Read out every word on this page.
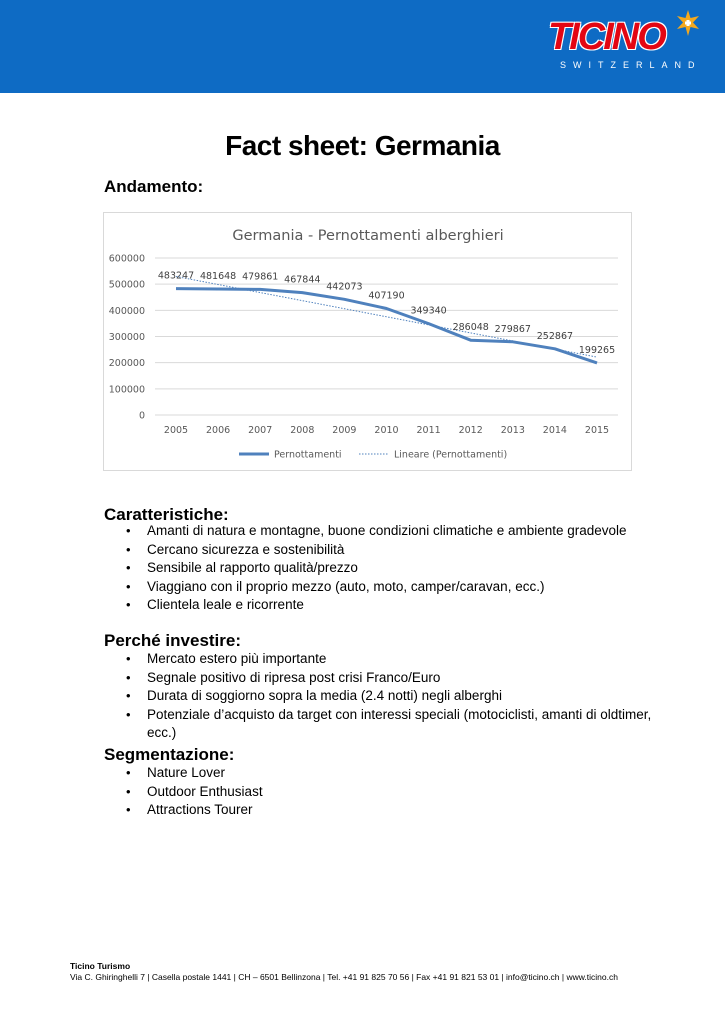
TICINO
SWITZERLAND
Fact sheet: Germania
Andamento:
Germania - Pernottamenti alberghieri
0
100000
200000
300000
400000
500000
600000
2005 2006 2007 2008 2009 2010 2011 2012 2013 2014 2015
483247 481648 479861 467844
442073
407190
349340
286048 279867
252867
199265
Pernottamenti	Lineare (Pernottamenti)
Caratteristiche:
• Amanti di natura e montagne, buone condizioni climatiche e ambiente gradevole
• Cercano sicurezza e sostenibilità
• Sensibile al rapporto qualità/prezzo
• Viaggiano con il proprio mezzo (auto, moto, camper/caravan, ecc.)
• Clientela leale e ricorrente
Perché investire:
• Mercato estero più importante
• Segnale positivo di ripresa post crisi Franco/Euro
• Durata di soggiorno sopra la media (2.4 notti) negli alberghi
• Potenziale d’acquisto da target con interessi speciali (motociclisti, amanti di oldtimer, ecc.)
Segmentazione:
• Nature Lover
• Outdoor Enthusiast
• Attractions Tourer
Ticino Turismo
Via C. Ghiringhelli 7 | Casella postale 1441 | CH – 6501 Bellinzona | Tel. +41 91 825 70 56 | Fax +41 91 821 53 01 | info@ticino.ch | www.ticino.ch
